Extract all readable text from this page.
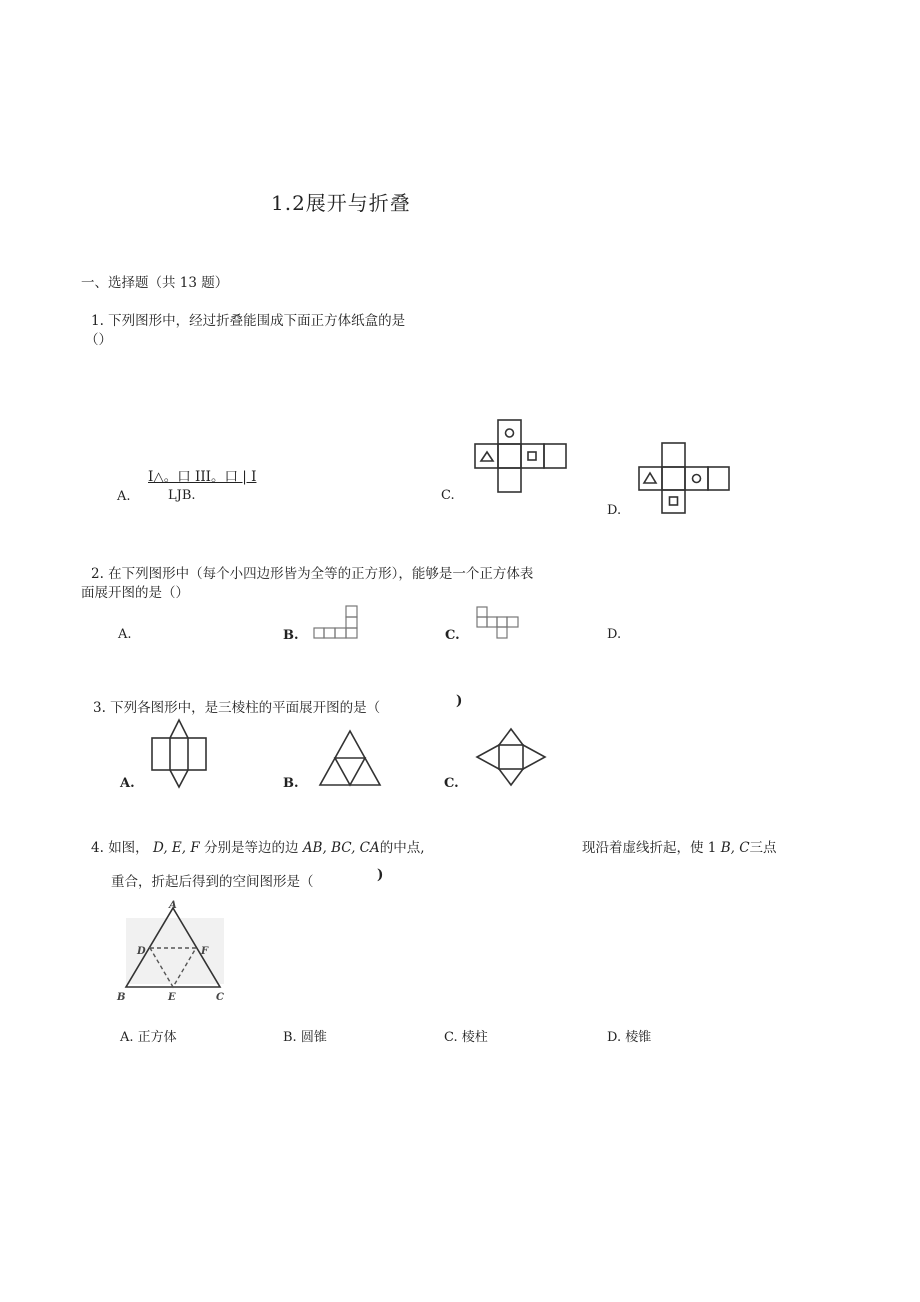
1.2展开与折叠
一、选择题（共 13 题）
1. 下列图形中，经过折叠能围成下面正方体纸盒的是
（）
I△。口 III。口 | I
A.	LJB.	C.
D.
2. 在下列图形中（每个小四边形皆为全等的正方形），能够是一个正方体表
面展开图的是（）
A.	B.	C.	D.
3. 下列各图形中，是三棱柱的平面展开图的是（	)
A.	B.	C.
4. 如图， D, E, F 分别是等边的边 AB, BC, CA的中点,	现沿着虚线折起，使 1 B, C三点
重合，折起后得到的空间图形是（	)
A
D	F
B	E	C
A. 正方体	B. 圆锥	C. 棱柱	D. 棱锥
